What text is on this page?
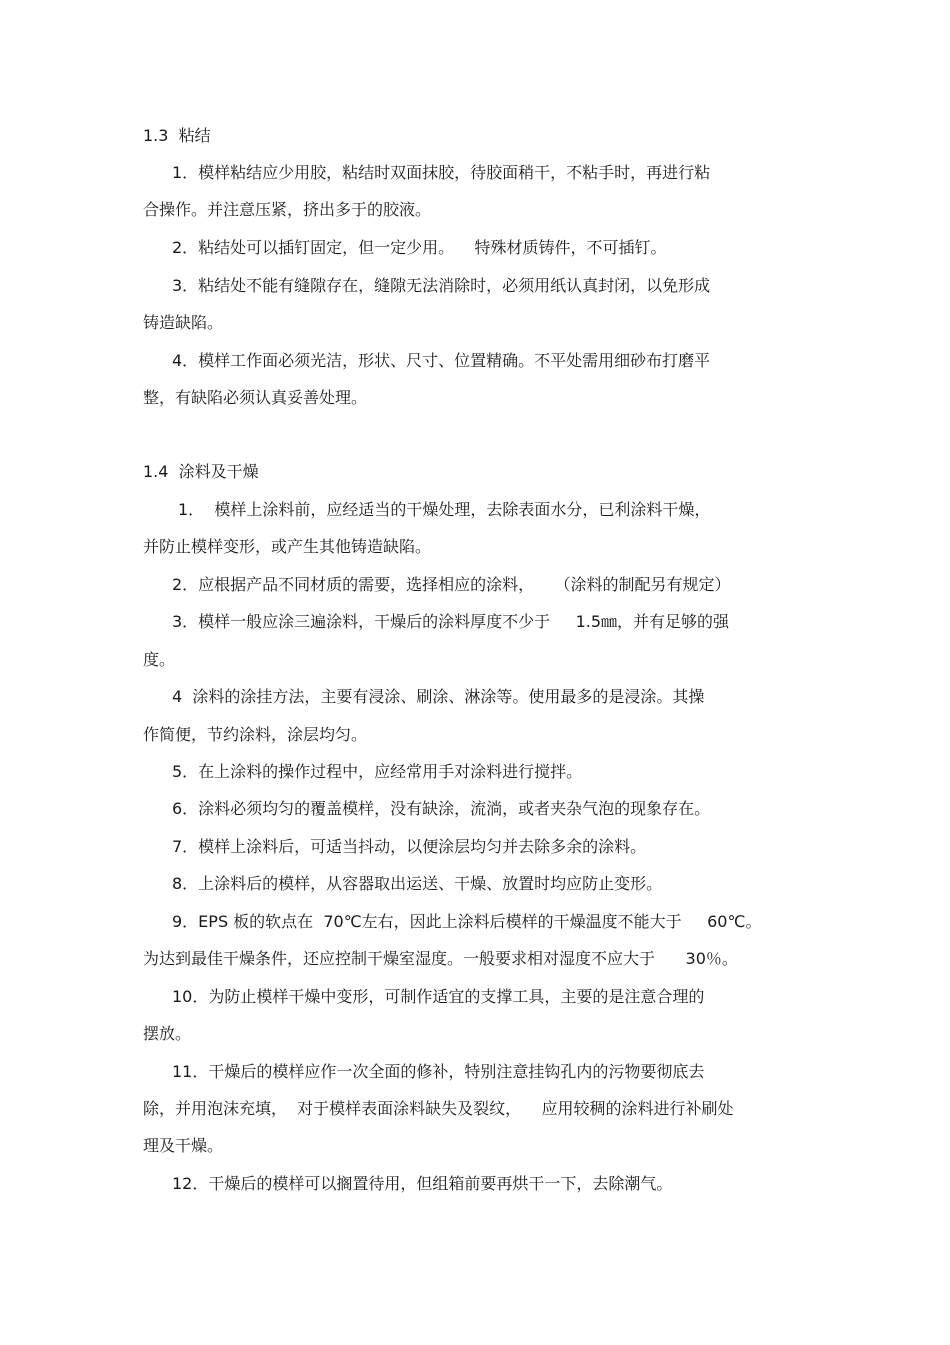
1.3  粘结
1．模样粘结应少用胶，粘结时双面抹胶，待胶面稍干，不粘手时，再进行粘
合操作。并注意压紧，挤出多于的胶液。
2．粘结处可以插钉固定，但一定少用。    特殊材质铸件，不可插钉。
3．粘结处不能有缝隙存在，缝隙无法消除时，必须用纸认真封闭，以免形成
铸造缺陷。
4．模样工作面必须光洁，形状、尺寸、位置精确。不平处需用细砂布打磨平
整，有缺陷必须认真妥善处理。
1.4  涂料及干燥
1．  模样上涂料前，应经适当的干燥处理，去除表面水分，已利涂料干燥，
并防止模样变形，或产生其他铸造缺陷。
2．应根据产品不同材质的需要，选择相应的涂料，    （涂料的制配另有规定）
3．模样一般应涂三遍涂料，干燥后的涂料厚度不少于     1.5㎜，并有足够的强
度。
4  涂料的涂挂方法，主要有浸涂、刷涂、淋涂等。使用最多的是浸涂。其操
作简便，节约涂料，涂层均匀。
5．在上涂料的操作过程中，应经常用手对涂料进行搅拌。
6．涂料必须均匀的覆盖模样，没有缺涂，流淌，或者夹杂气泡的现象存在。
7．模样上涂料后，可适当抖动，以便涂层均匀并去除多余的涂料。
8．上涂料后的模样，从容器取出运送、干燥、放置时均应防止变形。
9．EPS 板的软点在  70℃左右，因此上涂料后模样的干燥温度不能大于     60℃。
为达到最佳干燥条件，还应控制干燥室湿度。一般要求相对湿度不应大于      30％。
10．为防止模样干燥中变形，可制作适宜的支撑工具，主要的是注意合理的
摆放。
11．干燥后的模样应作一次全面的修补，特别注意挂钩孔内的污物要彻底去
除，并用泡沫充填，  对于模样表面涂料缺失及裂纹，    应用较稠的涂料进行补刷处
理及干燥。
12．干燥后的模样可以搁置待用，但组箱前要再烘干一下，去除潮气。
